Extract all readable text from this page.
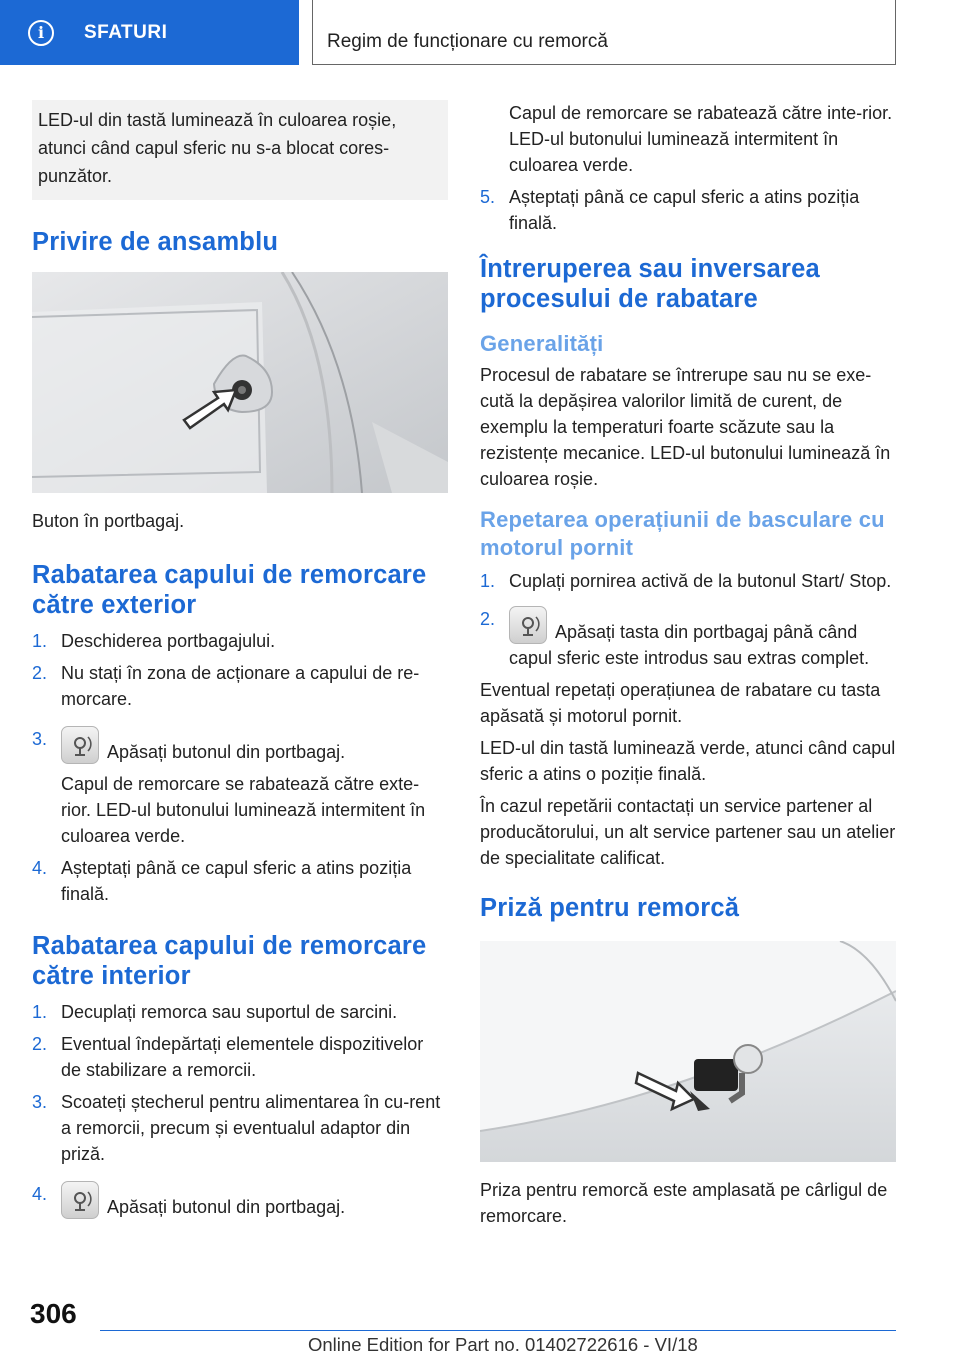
i	SFATURI	Regim de funcționare cu remorcă
LED-ul din tastă luminează în culoarea roșie, atunci când capul sferic nu s-a blocat cores-punzător.
Privire de ansamblu

Buton în portbagaj.

Rabatarea capului de remorcare către exterior
1. Deschiderea portbagajului.
2. Nu stați în zona de acționare a capului de re-morcare.
3.
Apăsați butonul din portbagaj.
Capul de remorcare se rabatează către exte-rior. LED-ul butonului luminează intermitent în culoarea verde.
4. Așteptați până ce capul sferic a atins poziția finală.
Rabatarea capului de remorcare către interior
1. Decuplați remorca sau suportul de sarcini.
2. Eventual îndepărtați elementele dispozitivelor de stabilizare a remorcii.
3. Scoateți ștecherul pentru alimentarea în cu-rent a remorcii, precum și eventualul adaptor din priză.
4.
Apăsați butonul din portbagaj.

Capul de remorcare se rabatează către inte-rior. LED-ul butonului luminează intermitent în culoarea verde.

5. Așteptați până ce capul sferic a atins poziția finală.
Întreruperea sau inversarea procesului de rabatare
Generalități

Procesul de rabatare se întrerupe sau nu se exe-cută la depășirea valorilor limită de curent, de exemplu la temperaturi foarte scăzute sau la rezistențe mecanice. LED-ul butonului luminează în culoarea roșie.

Repetarea operațiunii de basculare cu motorul pornit
1. Cuplați pornirea activă de la butonul Start/ Stop.
2.
Apăsați tasta din portbagaj până când capul sferic este introdus sau extras complet.

Eventual repetați operațiunea de rabatare cu tasta apăsată și motorul pornit.

LED-ul din tastă luminează verde, atunci când capul sferic a atins o poziție finală.

În cazul repetării contactați un service partener al producătorului, un alt service partener sau un atelier de specialitate calificat.

Priză pentru remorcă

Priza pentru remorcă este amplasată pe cârligul de remorcare.

306
Online Edition for Part no. 01402722616 - VI/18
